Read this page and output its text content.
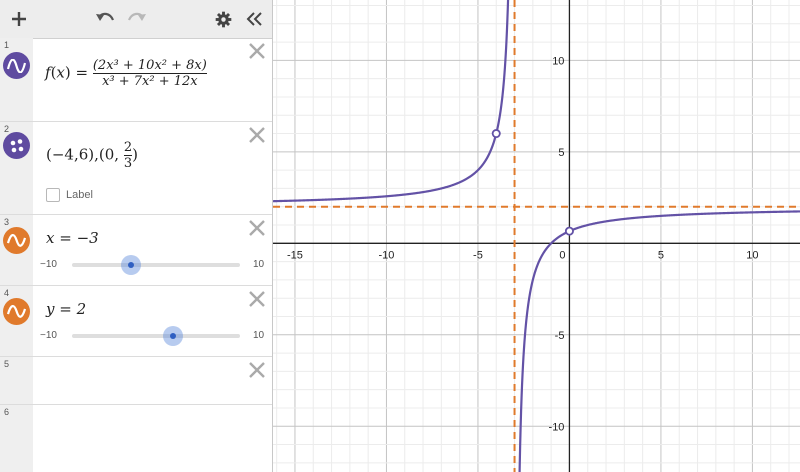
1
$f(x) = \frac{\text{(2x³ + 10x² + 8x)}}{\text{x³ + 7x² + 12x}}$
2
(−4,6),(0, $\frac{2}{3}$ )
Label
3
x = −3
−10	10
4
y = 2
−10	10
5
6
-15	-10	-5	0	5	10
10
5
-5
-10
